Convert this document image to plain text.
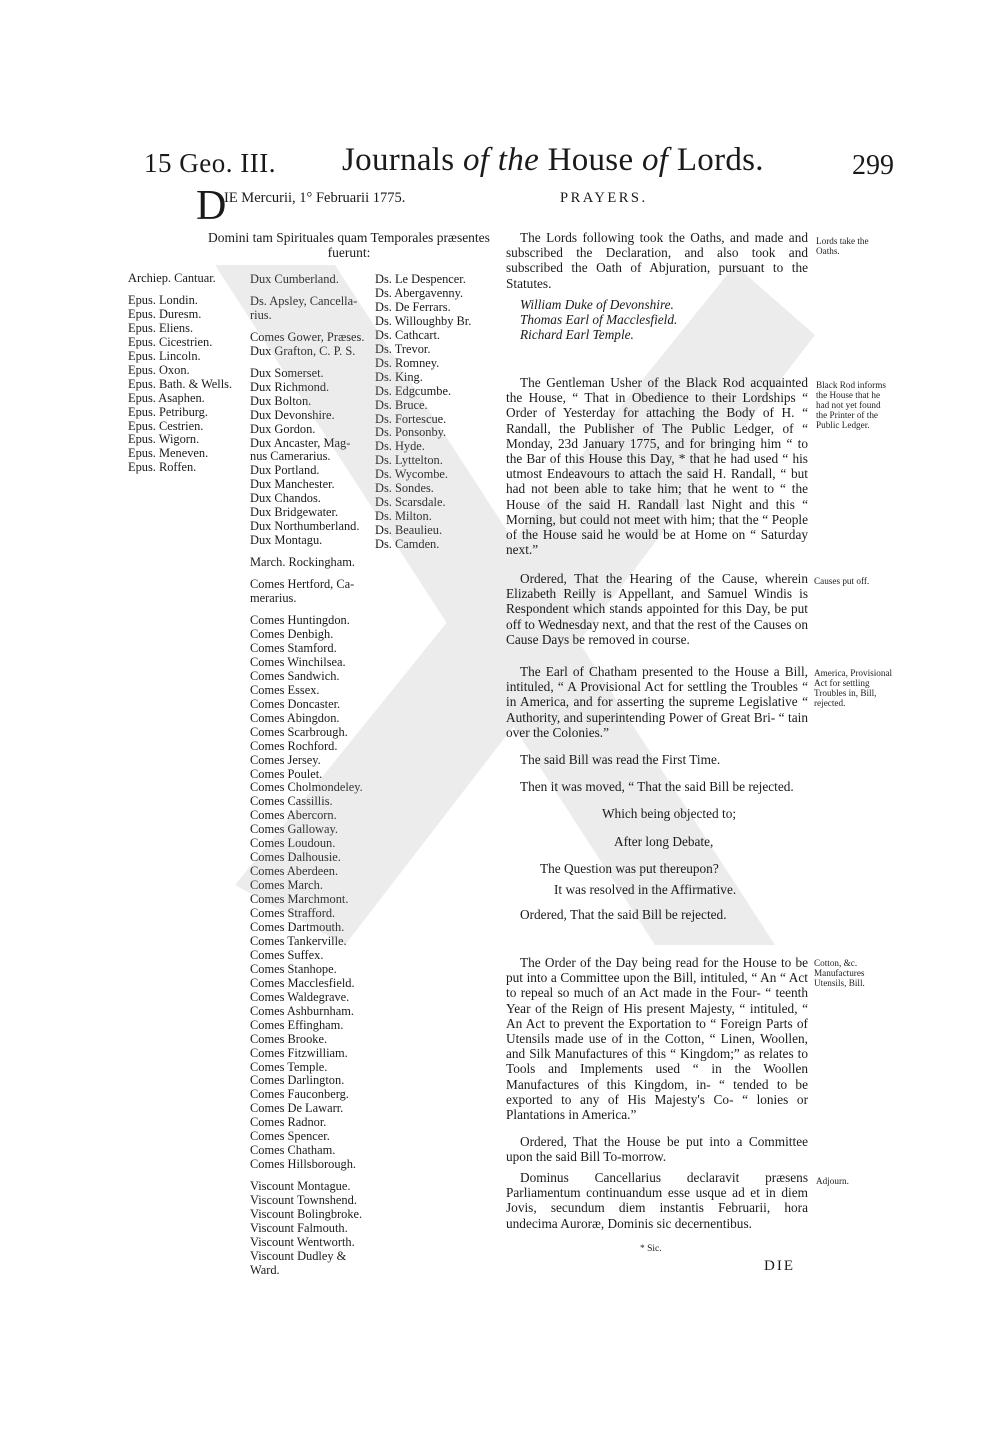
15 Geo. III. Journals of the House of Lords.	299
D
IE Mercurii, 1° Februarii 1775.	PRAYERS.
Domini tam Spirituales quam Temporales præsentes fuerunt:
Archiep. Cantuar.
Epus. Londin.
Epus. Duresm.
Epus. Eliens.
Epus. Cicestrien.
Epus. Lincoln.
Epus. Oxon.
Epus. Bath. & Wells.
Epus. Asaphen.
Epus. Petriburg.
Epus. Cestrien.
Epus. Wigorn.
Epus. Meneven.
Epus. Roffen.
Dux Cumberland.
Ds. Apsley, Cancella-
rius.
Comes Gower, Præses.
Dux Grafton, C. P. S.
Dux Somerset.
Dux Richmond.
Dux Bolton.
Dux Devonshire.
Dux Gordon.
Dux Ancaster, Mag-
nus Camerarius.
Dux Portland.
Dux Manchester.
Dux Chandos.
Dux Bridgewater.
Dux Northumberland.
Dux Montagu.
March. Rockingham.
Comes Hertford, Ca-
merarius.
Comes Huntingdon.
Comes Denbigh.
Comes Stamford.
Comes Winchilsea.
Comes Sandwich.
Comes Essex.
Comes Doncaster.
Comes Abingdon.
Comes Scarbrough.
Comes Rochford.
Comes Jersey.
Comes Poulet.
Comes Cholmondeley.
Comes Cassillis.
Comes Abercorn.
Comes Galloway.
Comes Loudoun.
Comes Dalhousie.
Comes Aberdeen.
Comes March.
Comes Marchmont.
Comes Strafford.
Comes Dartmouth.
Comes Tankerville.
Comes Suffex.
Comes Stanhope.
Comes Macclesfield.
Comes Waldegrave.
Comes Ashburnham.
Comes Effingham.
Comes Brooke.
Comes Fitzwilliam.
Comes Temple.
Comes Darlington.
Comes Fauconberg.
Comes De Lawarr.
Comes Radnor.
Comes Spencer.
Comes Chatham.
Comes Hillsborough.
Viscount Montague.
Viscount Townshend.
Viscount Bolingbroke.
Viscount Falmouth.
Viscount Wentworth.
Viscount Dudley &
Ward.
Ds. Le Despencer.
Ds. Abergavenny.
Ds. De Ferrars.
Ds. Willoughby Br.
Ds. Cathcart.
Ds. Trevor.
Ds. Romney.
Ds. King.
Ds. Edgcumbe.
Ds. Bruce.
Ds. Fortescue.
Ds. Ponsonby.
Ds. Hyde.
Ds. Lyttelton.
Ds. Wycombe.
Ds. Sondes.
Ds. Scarsdale.
Ds. Milton.
Ds. Beaulieu.
Ds. Camden.

The Lords following took the Oaths, and made and subscribed the Declaration, and also took and subscribed the Oath of Abjuration, pursuant to the Statutes.

William Duke of Devonshire.
Thomas Earl of Macclesfield.
Richard Earl Temple.
Lords take the Oaths.

The Gentleman Usher of the Black Rod acquainted the House, “ That in Obedience to their Lordships “ Order of Yesterday for attaching the Body of H. “ Randall, the Publisher of The Public Ledger, of “ Monday, 23d January 1775, and for bringing him “ to the Bar of this House this Day, * that he had used “ his utmost Endeavours to attach the said H. Randall, “ but had not been able to take him; that he went to “ the House of the said H. Randall last Night and this “ Morning, but could not meet with him; that the “ People of the House said he would be at Home on “ Saturday next.”

Black Rod informs the House that he had not yet found the Printer of the Public Ledger.

Ordered, That the Hearing of the Cause, wherein Elizabeth Reilly is Appellant, and Samuel Windis is Respondent which stands appointed for this Day, be put off to Wednesday next, and that the rest of the Causes on Cause Days be removed in course.

Causes put off.

The Earl of Chatham presented to the House a Bill, intituled, “ A Provisional Act for settling the Troubles “ in America, and for asserting the supreme Legislative “ Authority, and superintending Power of Great Bri- “ tain over the Colonies.”

The said Bill was read the First Time.

Then it was moved, “ That the said Bill be rejected.

Which being objected to;

After long Debate,

The Question was put thereupon?

It was resolved in the Affirmative.

Ordered, That the said Bill be rejected.

America, Provisional Act for settling Troubles in, Bill, rejected.

The Order of the Day being read for the House to be put into a Committee upon the Bill, intituled, “ An “ Act to repeal so much of an Act made in the Four- “ teenth Year of the Reign of His present Majesty, “ intituled, “ An Act to prevent the Exportation to “ Foreign Parts of Utensils made use of in the Cotton, “ Linen, Woollen, and Silk Manufactures of this “ Kingdom;” as relates to Tools and Implements used “ in the Woollen Manufactures of this Kingdom, in- “ tended to be exported to any of His Majesty's Co- “ lonies or Plantations in America.”

Ordered, That the House be put into a Committee upon the said Bill To-morrow.

Cotton, &c. Manufactures Utensils, Bill.

Dominus Cancellarius declaravit præsens Parliamentum continuandum esse usque ad et in diem Jovis, secundum diem instantis Februarii, hora undecima Auroræ, Dominis sic decernentibus.

Adjourn.
* Sic.
DIE
